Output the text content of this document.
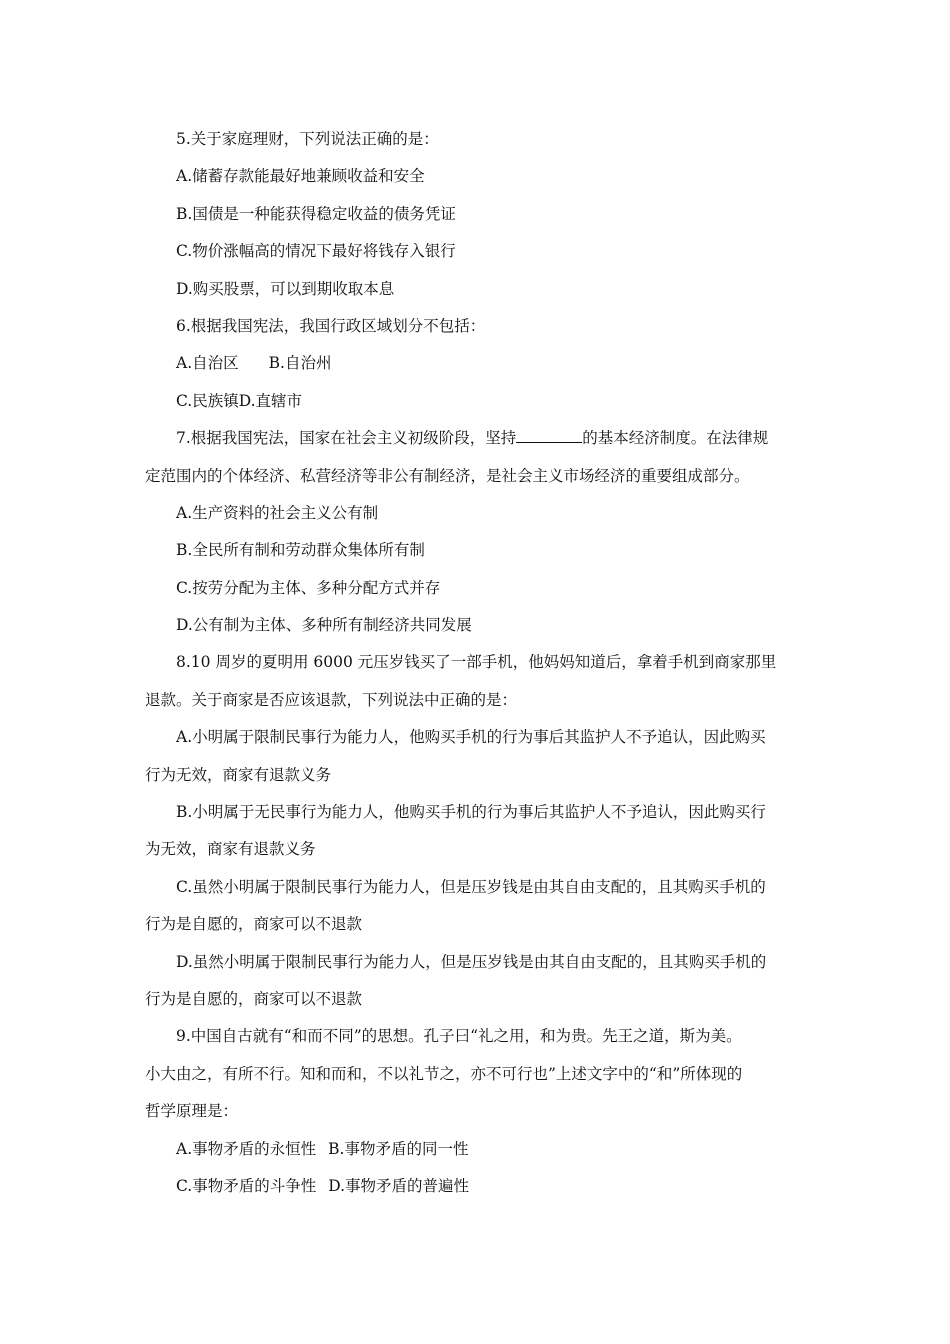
5.关于家庭理财，下列说法正确的是：
A.储蓄存款能最好地兼顾收益和安全
B.国债是一种能获得稳定收益的债务凭证
C.物价涨幅高的情况下最好将钱存入银行
D.购买股票，可以到期收取本息
6.根据我国宪法，我国行政区域划分不包括：
A.自治区 B.自治州
C.民族镇D.直辖市
7.根据我国宪法，国家在社会主义初级阶段，坚持	的基本经济制度。在法律规
定范围内的个体经济、私营经济等非公有制经济，是社会主义市场经济的重要组成部分。
A.生产资料的社会主义公有制
B.全民所有制和劳动群众集体所有制
C.按劳分配为主体、多种分配方式并存
D.公有制为主体、多种所有制经济共同发展
8.10 周岁的夏明用 6000 元压岁钱买了一部手机，他妈妈知道后，拿着手机到商家那里
退款。关于商家是否应该退款，下列说法中正确的是：
A.小明属于限制民事行为能力人，他购买手机的行为事后其监护人不予追认，因此购买
行为无效，商家有退款义务
B.小明属于无民事行为能力人，他购买手机的行为事后其监护人不予追认，因此购买行
为无效，商家有退款义务
C.虽然小明属于限制民事行为能力人，但是压岁钱是由其自由支配的，且其购买手机的
行为是自愿的，商家可以不退款
D.虽然小明属于限制民事行为能力人，但是压岁钱是由其自由支配的，且其购买手机的
行为是自愿的，商家可以不退款
9.中国自古就有“和而不同”的思想。孔子曰“礼之用，和为贵。先王之道，斯为美。
小大由之，有所不行。知和而和，不以礼节之，亦不可行也”上述文字中的“和”所体现的
哲学原理是：
A.事物矛盾的永恒性 B.事物矛盾的同一性
C.事物矛盾的斗争性 D.事物矛盾的普遍性
